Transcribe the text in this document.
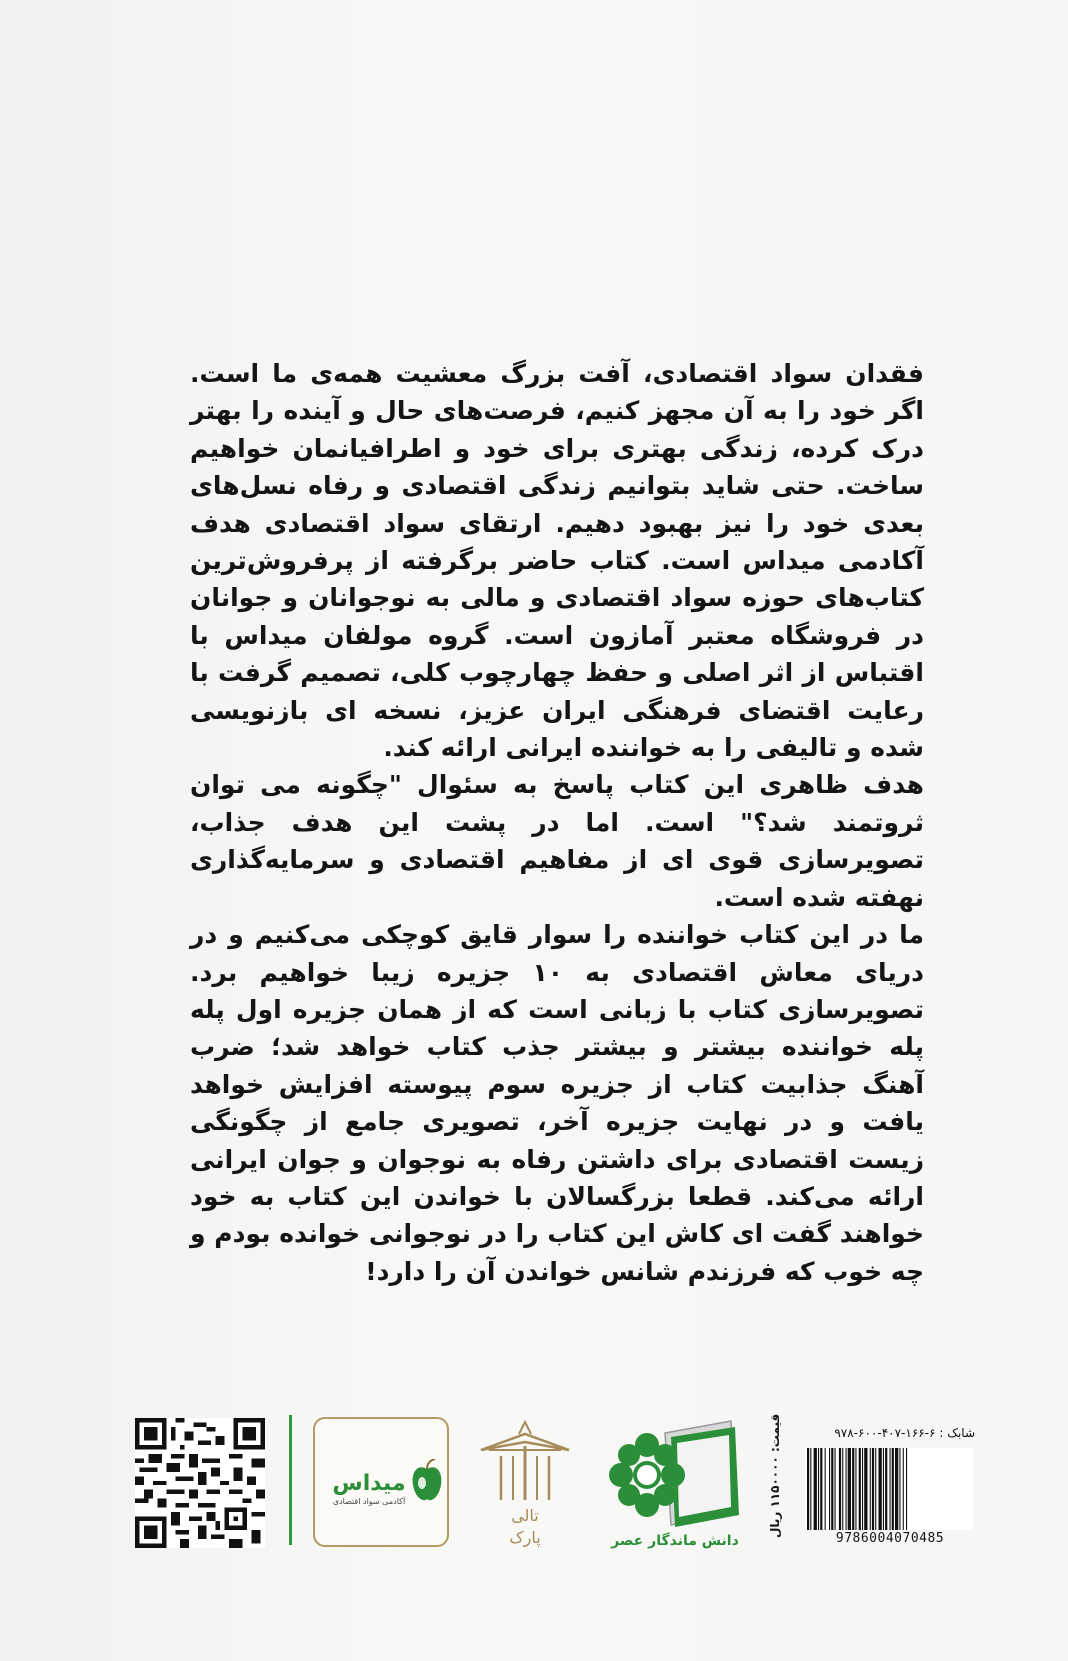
فقدان سواد اقتصادی، آفت بزرگ معشیت همه‌ی ما است. اگر خود را به آن مجهز کنیم، فرصت‌های حال و آینده را بهتر درک کرده، زندگی بهتری برای خود و اطرافیانمان خواهیم ساخت. حتی شاید بتوانیم زندگی اقتصادی و رفاه نسل‌های بعدی خود را نیز بهبود دهیم. ارتقای سواد اقتصادی هدف آکادمی میداس است. کتاب حاضر برگرفته از پرفروش‌ترین کتاب‌های حوزه سواد اقتصادی و مالی به نوجوانان و جوانان در فروشگاه معتبر آمازون است. گروه مولفان میداس با اقتباس از اثر اصلی و حفظ چهارچوب کلی، تصمیم گرفت با رعایت اقتضای فرهنگی ایران عزیز، نسخه ای بازنویسی شده و تالیفی را به خواننده ایرانی ارائه کند.

هدف ظاهری این کتاب پاسخ به سئوال "چگونه می توان ثروتمند شد؟" است. اما در پشت این هدف جذاب، تصویرسازی قوی ای از مفاهیم اقتصادی و سرمایه‌گذاری نهفته شده است.

ما در این کتاب خواننده را سوار قایق کوچکی می‌کنیم و در دریای معاش اقتصادی به ۱۰ جزیره زیبا خواهیم برد. تصویرسازی کتاب با زبانی است که از همان جزیره اول پله پله خواننده بیشتر و بیشتر جذب کتاب خواهد شد؛ ضرب آهنگ جذابیت کتاب از جزیره سوم پیوسته افزایش خواهد یافت و در نهایت جزیره آخر، تصویری جامع از چگونگی زیست اقتصادی برای داشتن رفاه به نوجوان و جوان ایرانی ارائه می‌کند. قطعا بزرگسالان با خواندن این کتاب به خود خواهند گفت ای کاش این کتاب را در نوجوانی خوانده بودم و چه خوب که فرزندم شانس خواندن آن را دارد!

میداس
آکادمی سواد اقتصادی
تالی
پارک	دانش ماندگار عصر
شابک : ۶-۱۶۶-۴۰۷-۶۰۰-۹۷۸
9786004070485
قیمت: ۱۱۵۰۰۰۰ ریال
